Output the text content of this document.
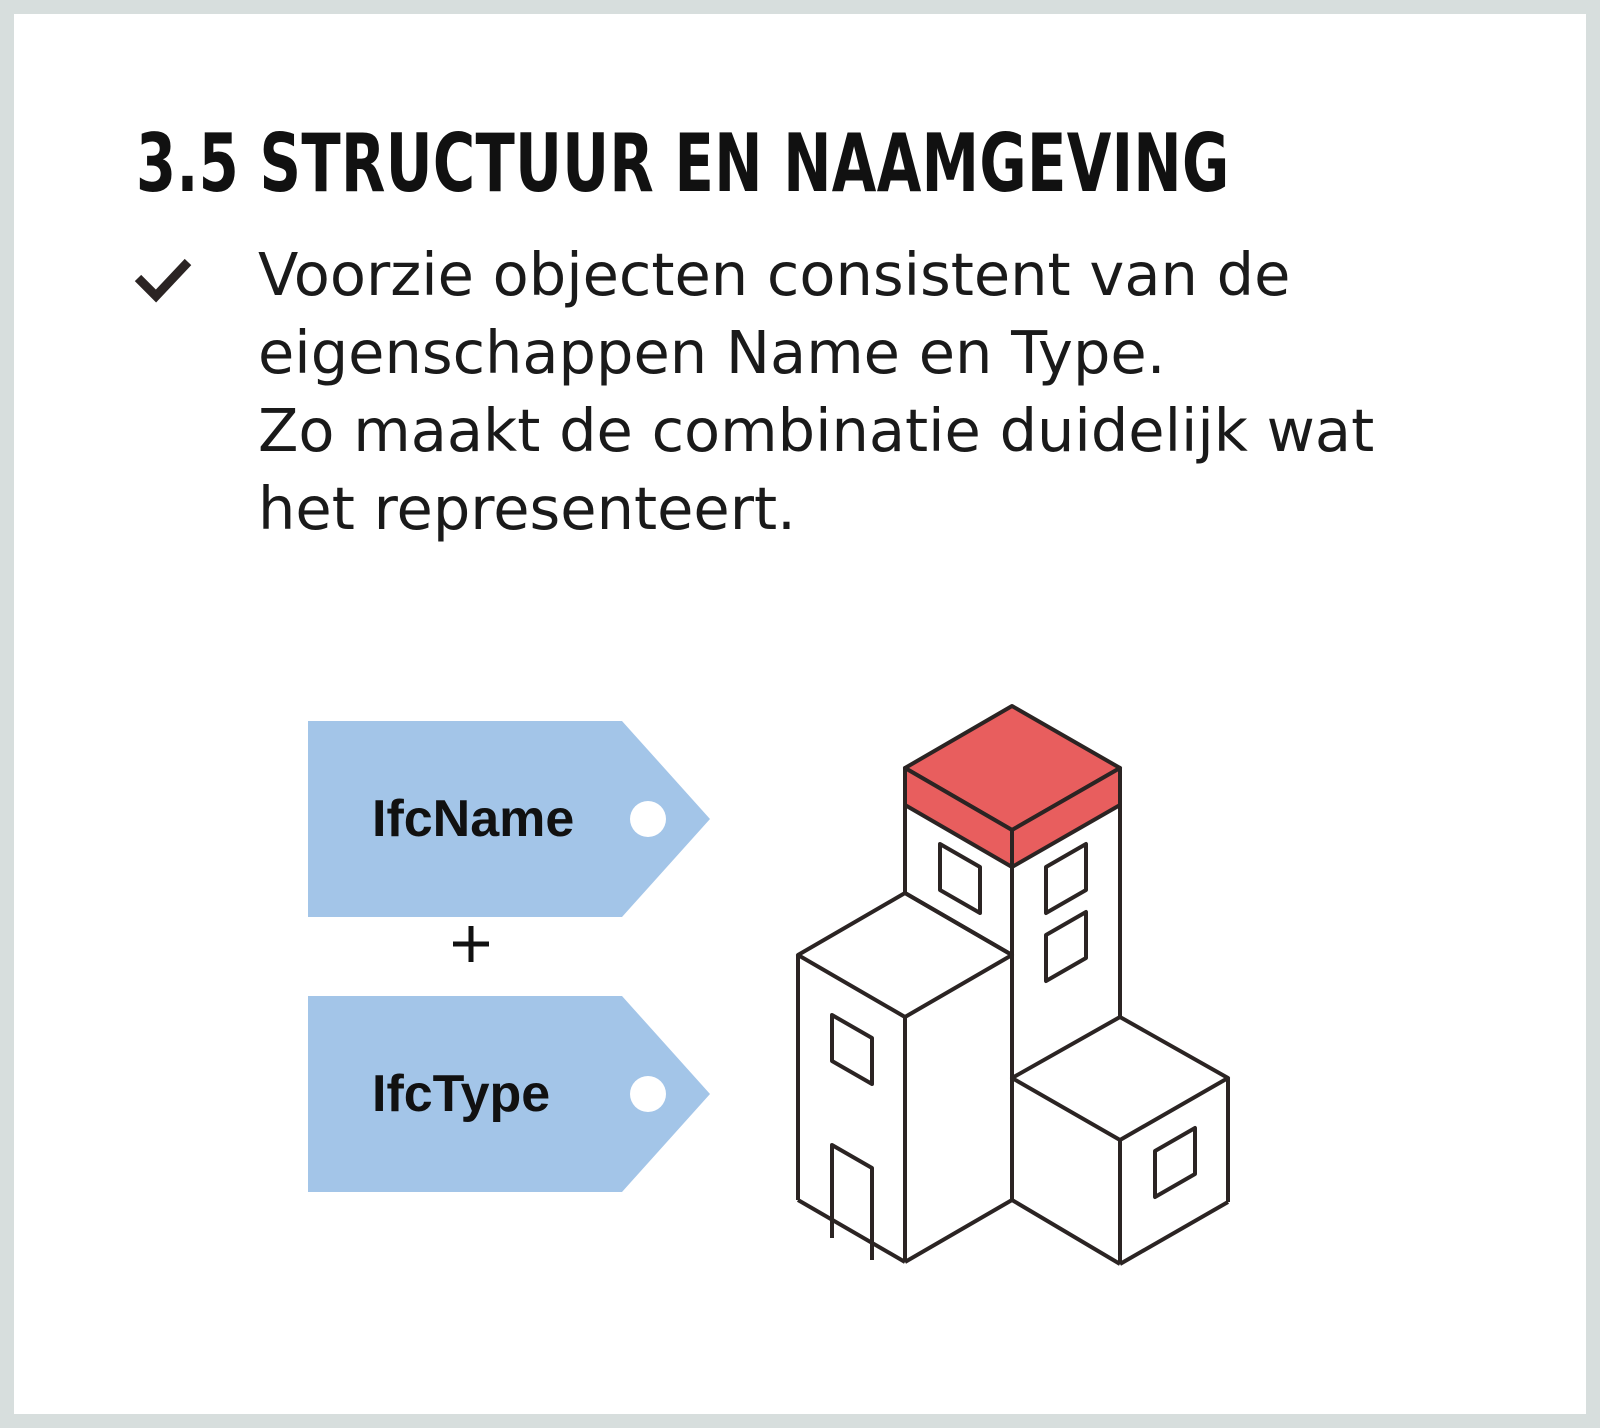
3.5 STRUCTUUR EN NAAMGEVING
Voorzie objecten consistent van de
eigenschappen Name en Type.
Zo maakt de combinatie duidelijk wat
het representeert.
IfcName
IfcType
